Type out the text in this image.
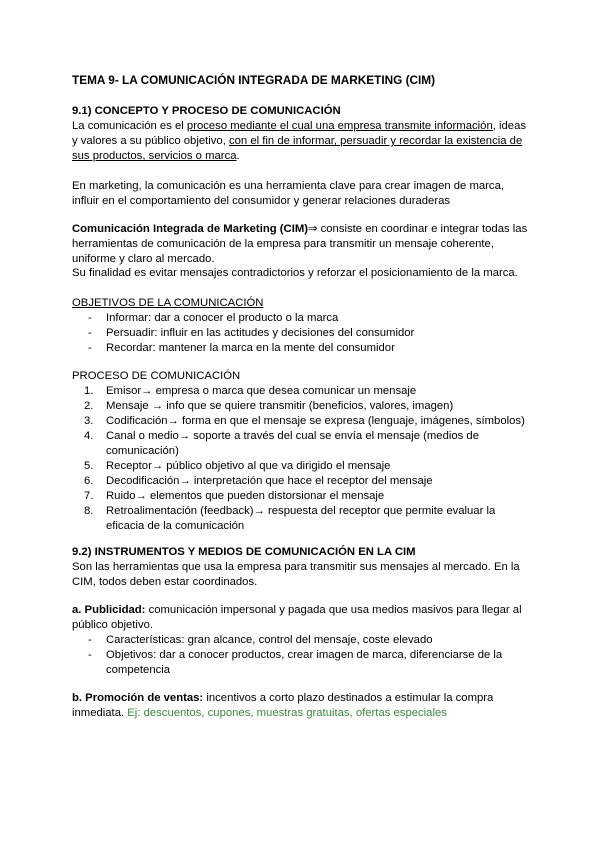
TEMA 9- LA COMUNICACIÓN INTEGRADA DE MARKETING (CIM)
9.1) CONCEPTO Y PROCESO DE COMUNICACIÓN
La comunicación es el proceso mediante el cual una empresa transmite información, ideas y valores a su público objetivo, con el fin de informar, persuadir y recordar la existencia de sus productos, servicios o marca.
En marketing, la comunicación es una herramienta clave para crear imagen de marca, influir en el comportamiento del consumidor y generar relaciones duraderas
Comunicación Integrada de Marketing (CIM)⇒ consiste en coordinar e integrar todas las herramientas de comunicación de la empresa para transmitir un mensaje coherente, uniforme y claro al mercado.
Su finalidad es evitar mensajes contradictorios y reforzar el posicionamiento de la marca.
OBJETIVOS DE LA COMUNICACIÓN
- Informar: dar a conocer el producto o la marca
- Persuadir: influir en las actitudes y decisiones del consumidor
- Recordar: mantener la marca en la mente del consumidor
PROCESO DE COMUNICACIÓN
1. Emisor→ empresa o marca que desea comunicar un mensaje
2. Mensaje → info que se quiere transmitir (beneficios, valores, imagen)
3. Codificación→ forma en que el mensaje se expresa (lenguaje, imágenes, símbolos)
4. Canal o medio→ soporte a través del cual se envía el mensaje (medios de comunicación)
5. Receptor→ público objetivo al que va dirigido el mensaje
6. Decodificación→ interpretación que hace el receptor del mensaje
7. Ruido→ elementos que pueden distorsionar el mensaje
8. Retroalimentación (feedback)→ respuesta del receptor que permite evaluar la eficacia de la comunicación
9.2) INSTRUMENTOS Y MEDIOS DE COMUNICACIÓN EN LA CIM
Son las herramientas que usa la empresa para transmitir sus mensajes al mercado. En la CIM, todos deben estar coordinados.
a. Publicidad: comunicación impersonal y pagada que usa medios masivos para llegar al público objetivo.
- Características: gran alcance, control del mensaje, coste elevado
- Objetivos: dar a conocer productos, crear imagen de marca, diferenciarse de la competencia
b. Promoción de ventas: incentivos a corto plazo destinados a estimular la compra inmediata. Ej: descuentos, cupones, muestras gratuitas, ofertas especiales
